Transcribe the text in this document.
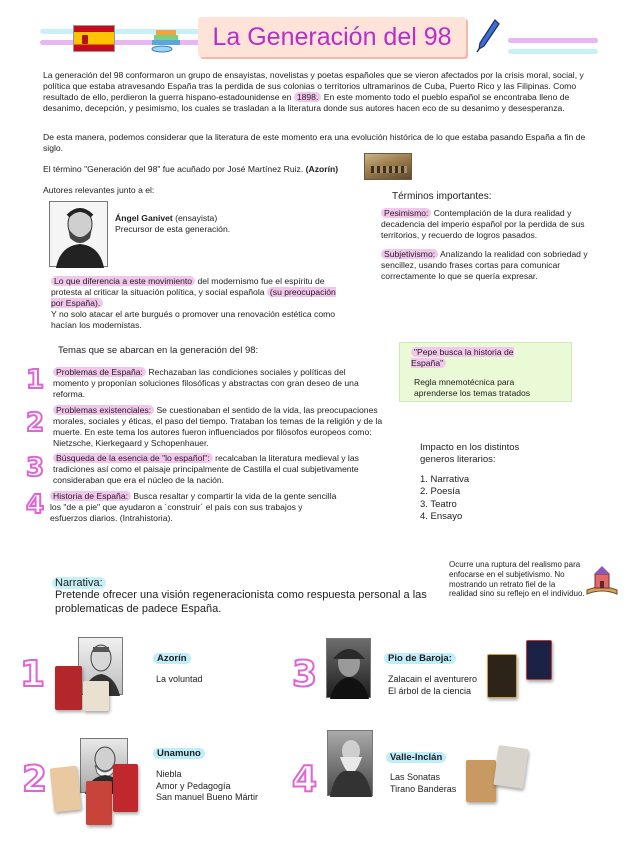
La Generación del 98
La generación del 98 conformaron un grupo de ensayistas, novelistas y poetas españoles que se vieron afectados por la crisis moral, social, y política que estaba atravesando España tras la perdida de sus colonias o territorios ultramarinos de Cuba, Puerto Rico y las Filipinas. Como resultado de ello, perdieron la guerra hispano-estadounidense en 1898. En este momento todo el pueblo español se encontraba lleno de desanimo, decepción, y pesimismo, los cuales se trasladan a la literatura donde sus autores hacen eco de su desanimo y desesperanza.
De esta manera, podemos considerar que la literatura de este momento era una evolución histórica de lo que estaba pasando España a fin de siglo.
El término "Generación del 98" fue acuñado por José Martínez Ruiz. (Azorín)
Autores relevantes junto a el:
Ángel Ganivet (ensayista)
Precursor de esta generación.
Lo que diferencia a este movimiento del modernismo fue el espíritu de protesta al criticar la situación política, y social española (su preocupación por España).
Y no solo atacar el arte burgués o promover una renovación estética como hacían los modernistas.
Términos importantes:
Pesimismo: Contemplación de la dura realidad y decadencia del imperio español por la perdida de sus territorios, y recuerdo de logros pasados.
Subjetivismo: Analizando la realidad con sobriedad y sencillez, usando frases cortas para comunicar correctamente lo que se quería expresar.
Temas que se abarcan en la generación del 98:
1	Problemas de España: Rechazaban las condiciones sociales y políticas del momento y proponían soluciones filosóficas y abstractas con gran deseo de una reforma.
2	Problemas existenciales: Se cuestionaban el sentido de la vida, las preocupaciones morales, sociales y éticas, el paso del tiempo. Trataban los temas de la religión y de la muerte. En este tema los autores fueron influenciados por filósofos europeos como: Nietzsche, Kierkegaard y Schopenhauer.
3	Búsqueda de la esencia de "lo español": recalcaban la literatura medieval y las tradiciones así como el paisaje principalmente de Castilla el cual subjetivamente consideraban que era el núcleo de la nación.
4	Historia de España: Busca resaltar y compartir la vida de la gente sencilla los "de a pie" que ayudaron a ´construir´ el país con sus trabajos y esfuerzos diarios. (Intrahistoria).
"Pepe busca la historia de España"
Regla mnemotécnica para aprenderse los temas tratados
Impacto en los distintos generos literarios:
1. Narrativa
2. Poesía
3. Teatro
4. Ensayo
Narrativa:
Pretende ofrecer una visión regeneracionista como respuesta personal a las problematicas de padece España.
Ocurre una ruptura del realismo para enfocarse en el subjetivismo. No mostrando un retrato fiel de la realidad sino su reflejo en el individuo.
1	Azorín
La voluntad 3	Pio de Baroja:
Zalacain el aventurero
El árbol de la ciencia
2
Unamuno
Niebla
Amor y Pedagogía
San manuel Bueno Mártir 4
Valle-Inclán
Las Sonatas
Tirano Banderas
